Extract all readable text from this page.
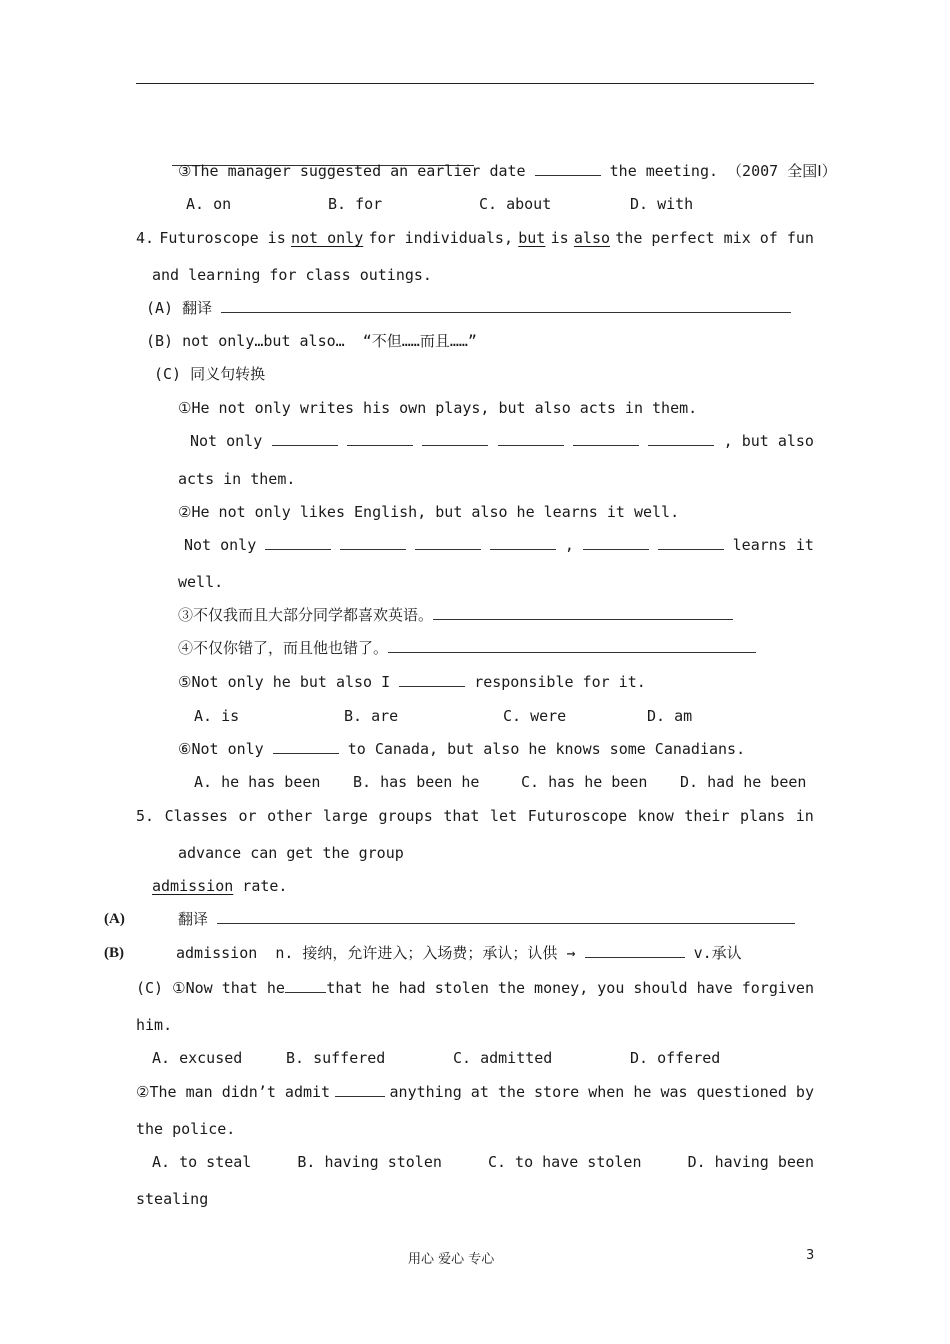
③The manager suggested an earlier date	the meeting. （2007 全国Ⅰ）
A. on	B. for	C. about	D. with
4. Futuroscope is not only for individuals, but is also the perfect mix of fun
and learning for class outings.
(A) 翻译
(B) not only…but also…  “不但……而且……”
(C) 同义句转换
①He not only writes his own plays, but also acts in them.
Not only	, but also
acts in them.
②He not only likes English, but also he learns it well.
Not only	,	learns it
well.
③不仅我而且大部分同学都喜欢英语。
④不仅你错了，而且他也错了。
⑤Not only he but also I	responsible for it.
A. is	B. are	C. were	D. am
⑥Not only	to Canada, but also he knows some Canadians.
A. he has been B. has been he	C. has he been D. had he been
5. Classes or other large groups that let Futuroscope know their plans in
advance can get the group
admission rate.
(A)	翻译
(B)	admission  n. 接纳，允许进入；入场费；承认；认供 →	v.承认
(C) ①Now that he	that he had stolen the money, you should have forgiven
him.
A. excused	B. suffered	C. admitted	D. offered
②The man didn’t admit	anything at the store when he was questioned by
the police.
A. to steal	B. having stolen	C. to have stolen	D. having been
stealing
用心 爱心 专心	3
